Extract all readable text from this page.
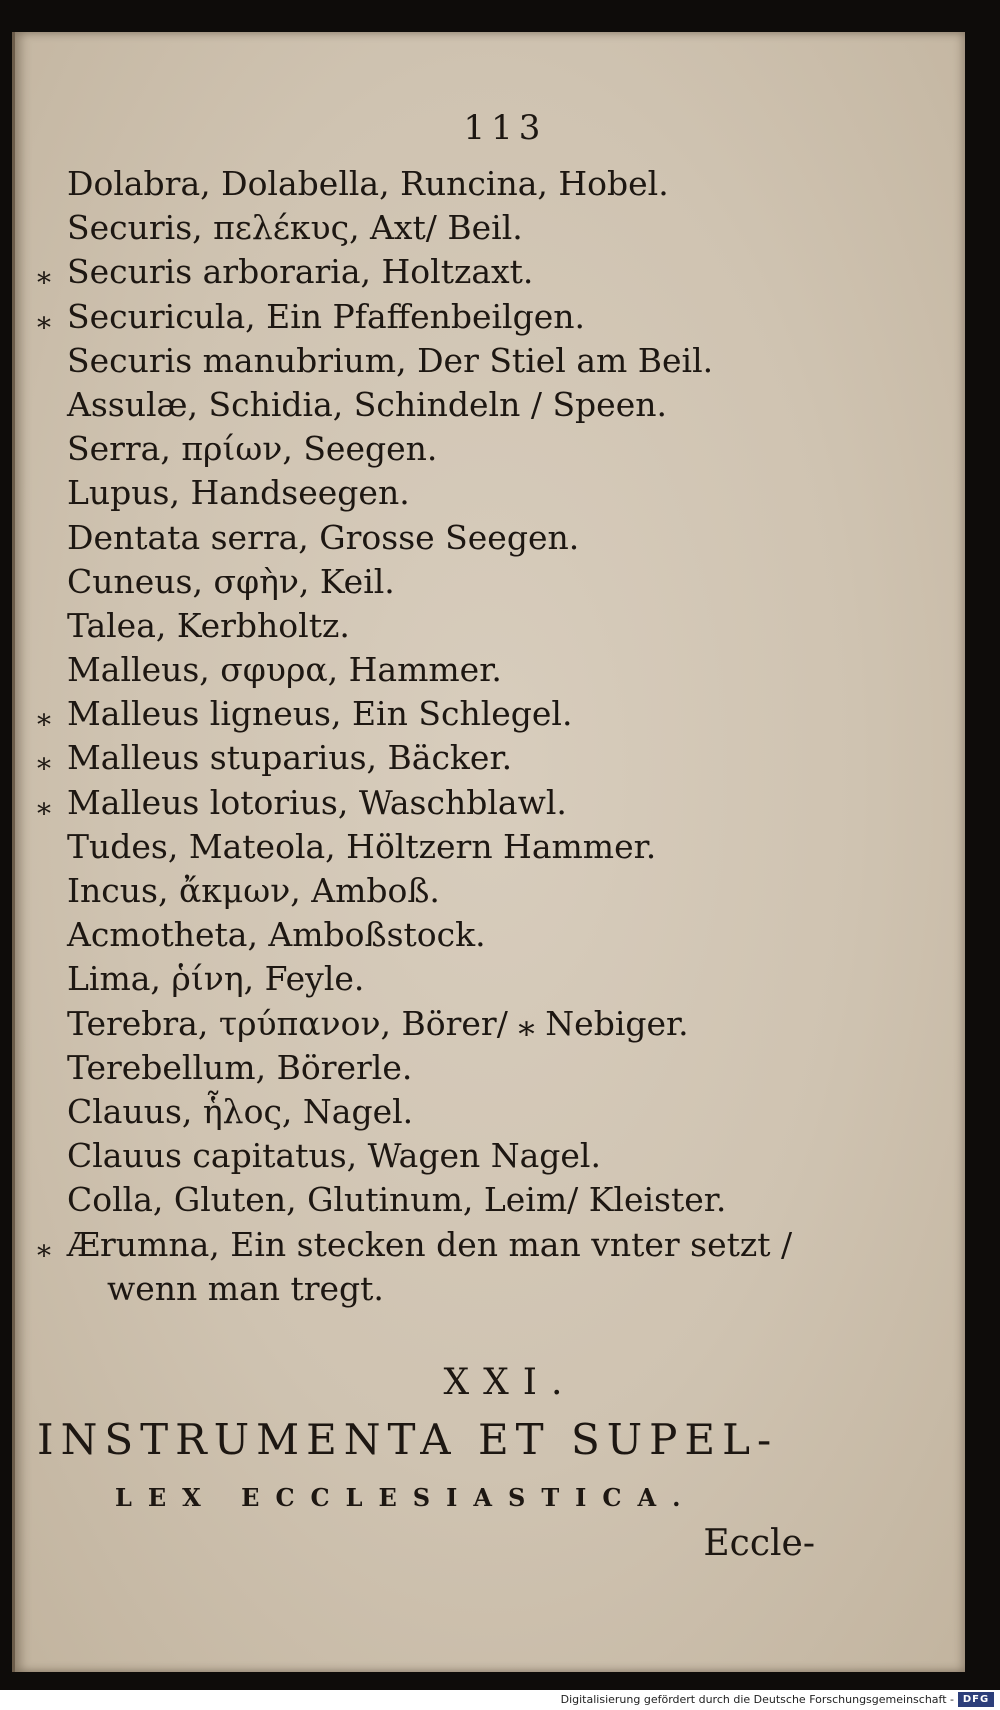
113
Dolabra, Dolabella, Runcina, Hobel.
Securis, πελέκυς, Axt/ Beil.
⁎ Securis arboraria, Holtzaxt.
⁎ Securicula, Ein Pfaffenbeilgen.
Securis manubrium, Der Stiel am Beil.
Assulæ, Schidia, Schindeln / Speen.
Serra, πρίων, Seegen.
Lupus, Handseegen.
Dentata serra, Grosse Seegen.
Cuneus, σφὴν, Keil.
Talea, Kerbholtz.
Malleus, σφυρα, Hammer.
⁎ Malleus ligneus, Ein Schlegel.
⁎ Malleus stuparius, Bäcker.
⁎ Malleus lotorius, Waschblawl.
Tudes, Mateola, Höltzern Hammer.
Incus, ἄκμων, Amboß.
Acmotheta, Amboßstock.
Lima, ῥίνη, Feyle.
Terebra, τρύπανον, Börer/ ⁎ Nebiger.
Terebellum, Börerle.
Clauus, ἧλος, Nagel.
Clauus capitatus, Wagen Nagel.
Colla, Gluten, Glutinum, Leim/ Kleister.
⁎ Ærumna, Ein stecken den man vnter setzt /
wenn man tregt.
XXI.
INSTRUMENTA ET SUPEL-
LEX ECCLESIASTICA.
Eccle-
Digitalisierung gefördert durch die Deutsche Forschungsgemeinschaft - DFG
